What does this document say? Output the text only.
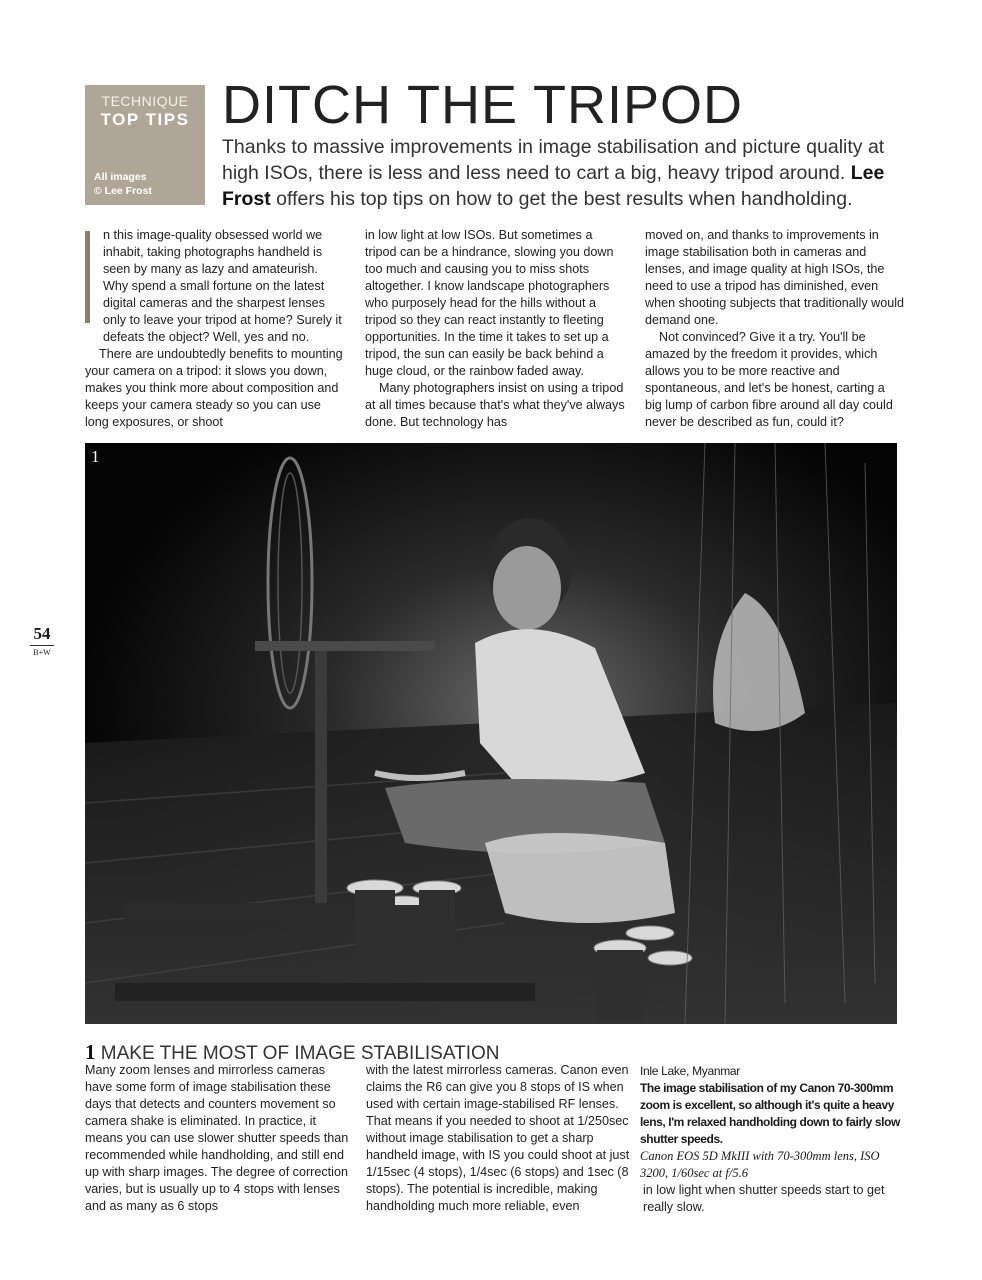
TECHNIQUE
TOP TIPS
All images
© Lee Frost
DITCH THE TRIPOD

Thanks to massive improvements in image stabilisation and picture quality at high ISOs, there is less and less need to cart a big, heavy tripod around. Lee Frost offers his top tips on how to get the best results when handholding.

n this image-quality obsessed world we inhabit, taking photographs handheld is seen by many as lazy and amateurish. Why spend a small fortune on the latest digital cameras and the sharpest lenses only to leave your tripod at home? Surely it defeats the object? Well, yes and no.

There are undoubtedly benefits to mounting your camera on a tripod: it slows you down, makes you think more about composition and keeps your camera steady so you can use long exposures, or shoot

in low light at low ISOs. But sometimes a tripod can be a hindrance, slowing you down too much and causing you to miss shots altogether. I know landscape photographers who purposely head for the hills without a tripod so they can react instantly to fleeting opportunities. In the time it takes to set up a tripod, the sun can easily be back behind a huge cloud, or the rainbow faded away.

Many photographers insist on using a tripod at all times because that's what they've always done. But technology has

moved on, and thanks to improvements in image stabilisation both in cameras and lenses, and image quality at high ISOs, the need to use a tripod has diminished, even when shooting subjects that traditionally would demand one.

Not convinced? Give it a try. You'll be amazed by the freedom it provides, which allows you to be more reactive and spontaneous, and let's be honest, carting a big lump of carbon fibre around all day could never be described as fun, could it?

1
54
B+W
1 MAKE THE MOST OF IMAGE STABILISATION
Many zoom lenses and mirrorless cameras have some form of image stabilisation these days that detects and counters movement so camera shake is eliminated. In practice, it means you can use slower shutter speeds than recommended while handholding, and still end up with sharp images. The degree of correction varies, but is usually up to 4 stops with lenses and as many as 6 stops
with the latest mirrorless cameras. Canon even claims the R6 can give you 8 stops of IS when used with certain image-stabilised RF lenses. That means if you needed to shoot at 1/250sec without image stabilisation to get a sharp handheld image, with IS you could shoot at just 1/15sec (4 stops), 1/4sec (6 stops) and 1sec (8 stops). The potential is incredible, making handholding much more reliable, even
Inle Lake, Myanmar
The image stabilisation of my Canon 70-300mm zoom is excellent, so although it's quite a heavy lens, I'm relaxed handholding down to fairly slow shutter speeds.
Canon EOS 5D MkIII with 70-300mm lens, ISO 3200, 1/60sec at f/5.6
in low light when shutter speeds start to get really slow.
